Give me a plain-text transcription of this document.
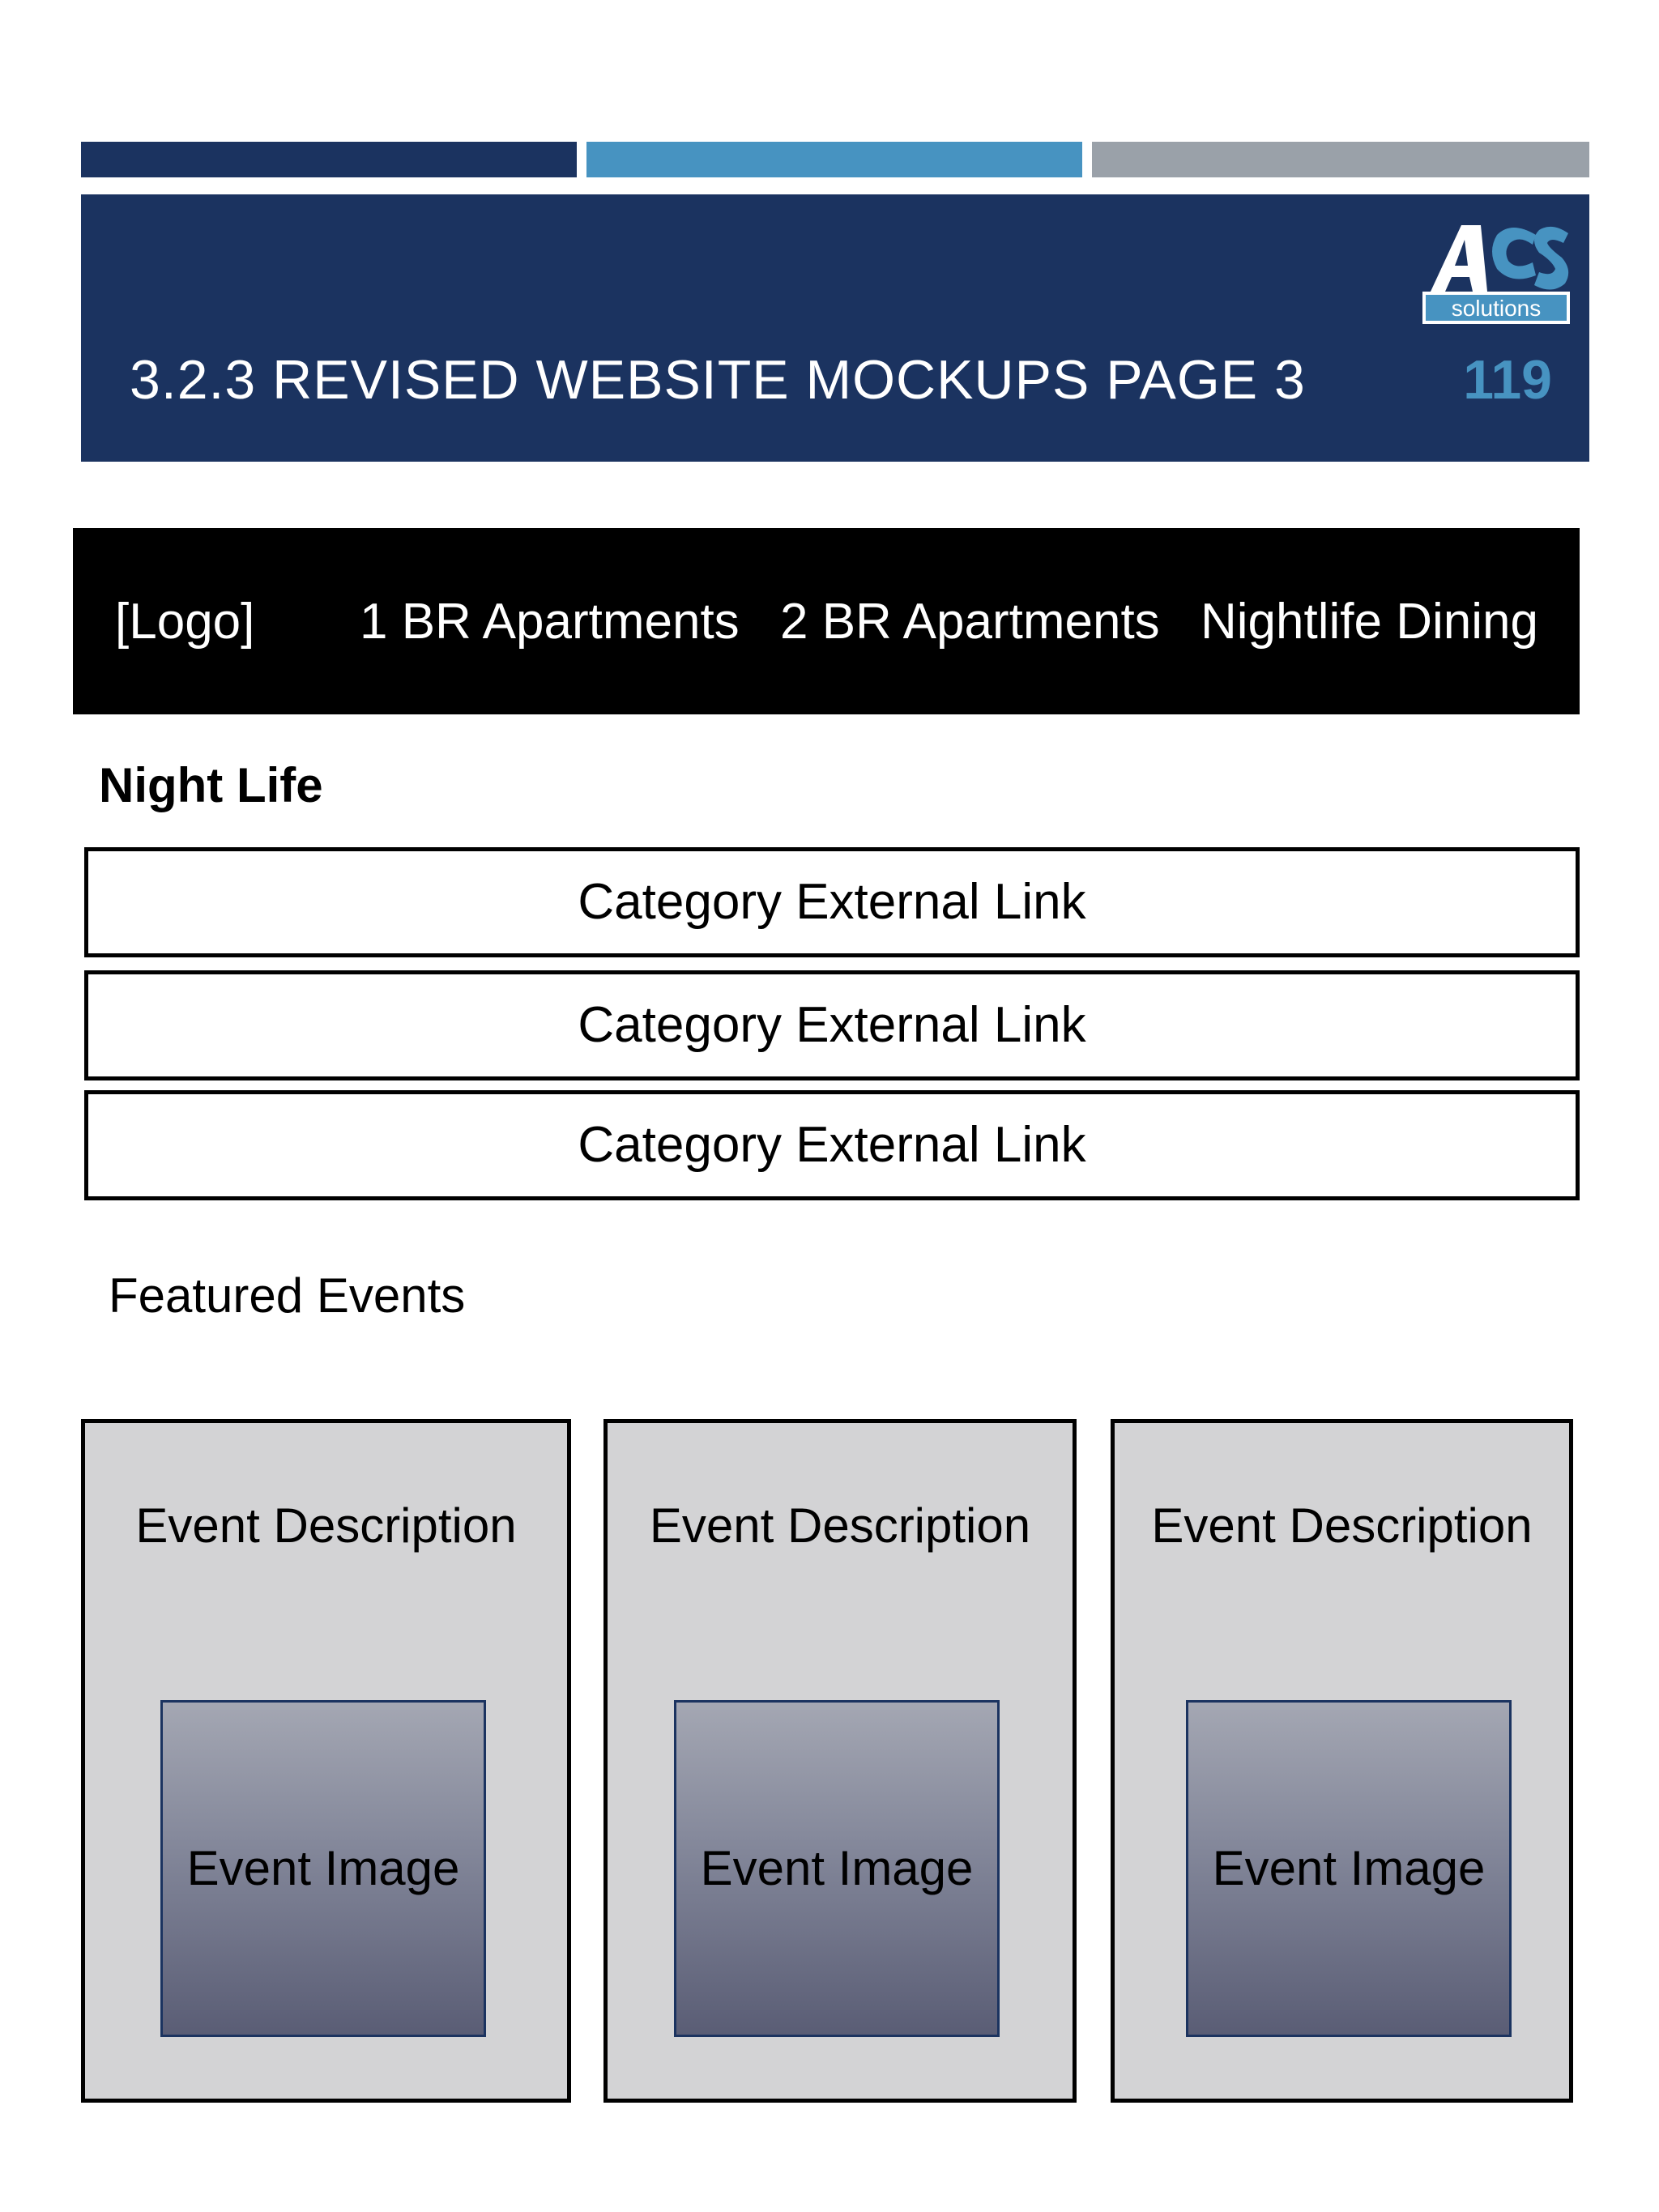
solutions
3.2.3 REVISED WEBSITE MOCKUPS PAGE 3	119
[Logo] 1 BR Apartments 2 BR Apartments Nightlife Dining
Night Life
Category External Link
Category External Link
Category External Link
Featured Events
Event Description
Event Image
Event Description
Event Image
Event Description
Event Image
